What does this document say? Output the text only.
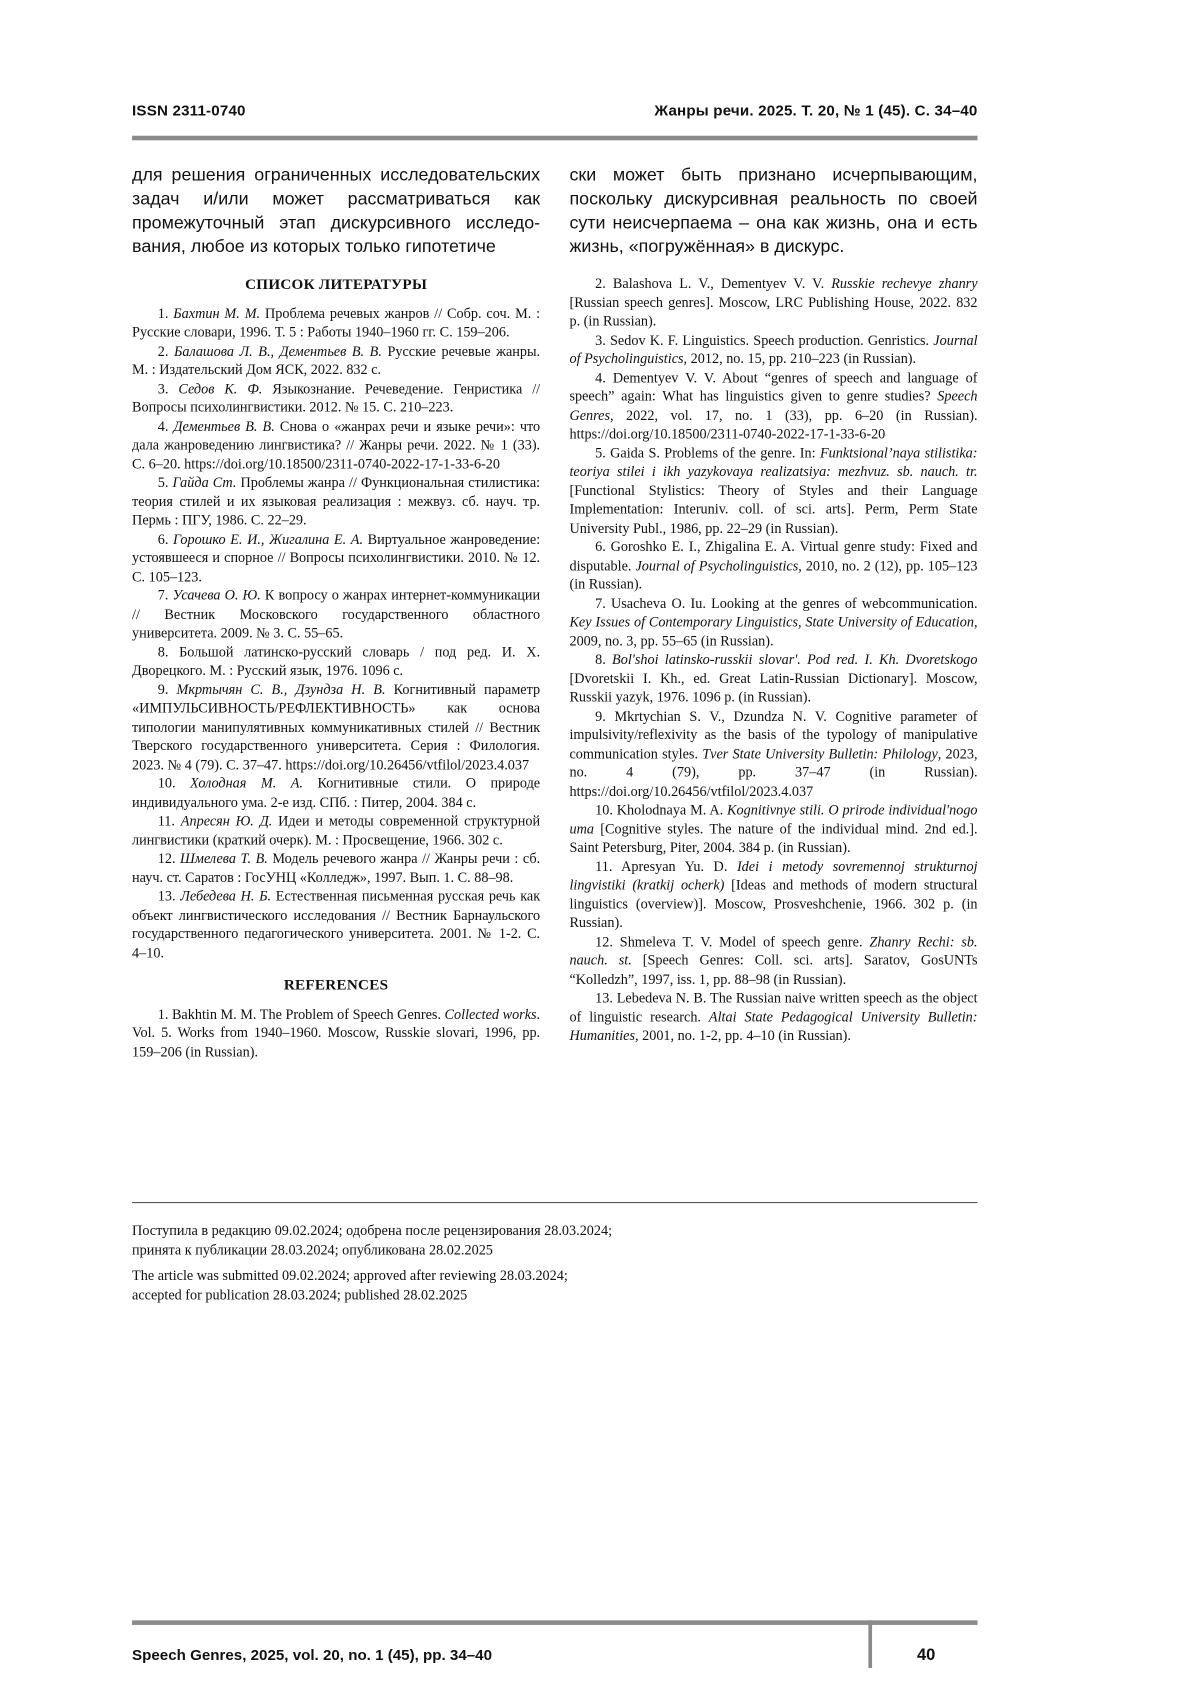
ISSN 2311-0740	Жанры речи. 2025. Т. 20, № 1 (45). С. 34–40

для решения ограниченных исследовательских задач и/или может рассматриваться как промежуточный этап дискурсивного исследования, любое из которых только гипотетиче

ски может быть признано исчерпывающим, поскольку дискурсивная реальность по своей сути неисчерпаема – она как жизнь, она и есть жизнь, «погружённая» в дискурс.

СПИСОК ЛИТЕРАТУРЫ

1. Бахтин М. М. Проблема речевых жанров // Собр. соч. М. : Русские словари, 1996. Т. 5 : Работы 1940–1960 гг. С. 159–206.

2. Балашова Л. В., Дементьев В. В. Русские речевые жанры. М. : Издательский Дом ЯСК, 2022. 832 с.

3. Седов К. Ф. Языкознание. Речеведение. Генристика // Вопросы психолингвистики. 2012. № 15. С. 210–223.

4. Дементьев В. В. Снова о «жанрах речи и языке речи»: что дала жанроведению лингвистика? // Жанры речи. 2022. № 1 (33). С. 6–20. https://doi.org/10.18500/2311-0740-2022-17-1-33-6-20

5. Гайда Ст. Проблемы жанра // Функциональная стилистика: теория стилей и их языковая реализация : межвуз. сб. науч. тр. Пермь : ПГУ, 1986. С. 22–29.

6. Горошко Е. И., Жигалина Е. А. Виртуальное жанроведение: устоявшееся и спорное // Вопросы психолингвистики. 2010. № 12. С. 105–123.

7. Усачева О. Ю. К вопросу о жанрах интернет-коммуникации // Вестник Московского государственного областного университета. 2009. № 3. С. 55–65.

8. Большой латинско-русский словарь / под ред. И. Х. Дворецкого. М. : Русский язык, 1976. 1096 с.

9. Мкртычян С. В., Дзундза Н. В. Когнитивный параметр «ИМПУЛЬСИВНОСТЬ/РЕФЛЕКТИВНОСТЬ» как основа типологии манипулятивных коммуникативных стилей // Вестник Тверского государственного университета. Серия : Филология. 2023. № 4 (79). С. 37–47. https://doi.org/10.26456/vtfilol/2023.4.037

10. Холодная М. А. Когнитивные стили. О природе индивидуального ума. 2-е изд. СПб. : Питер, 2004. 384 с.

11. Апресян Ю. Д. Идеи и методы современной структурной лингвистики (краткий очерк). М. : Просвещение, 1966. 302 с.

12. Шмелева Т. В. Модель речевого жанра // Жанры речи : сб. науч. ст. Саратов : ГосУНЦ «Колледж», 1997. Вып. 1. С. 88–98.

13. Лебедева Н. Б. Естественная письменная русская речь как объект лингвистического исследования // Вестник Барнаульского государственного педагогического университета. 2001. № 1-2. С. 4–10.

REFERENCES

1. Bakhtin M. M. The Problem of Speech Genres. Collected works. Vol. 5. Works from 1940–1960. Moscow, Russkie slovari, 1996, pp. 159–206 (in Russian).

2. Balashova L. V., Dementyev V. V. Russkie rechevye zhanry [Russian speech genres]. Moscow, LRC Publishing House, 2022. 832 p. (in Russian).

3. Sedov K. F. Linguistics. Speech production. Genristics. Journal of Psycholinguistics, 2012, no. 15, pp. 210–223 (in Russian).

4. Dementyev V. V. About “genres of speech and language of speech” again: What has linguistics given to genre studies? Speech Genres, 2022, vol. 17, no. 1 (33), pp. 6–20 (in Russian). https://doi.org/10.18500/2311-0740-2022-17-1-33-6-20

5. Gaida S. Problems of the genre. In: Funktsional’naya stilistika: teoriya stilei i ikh yazykovaya realizatsiya: mezhvuz. sb. nauch. tr. [Functional Stylistics: Theory of Styles and their Language Implementation: Interuniv. coll. of sci. arts]. Perm, Perm State University Publ., 1986, pp. 22–29 (in Russian).

6. Goroshko E. I., Zhigalina E. A. Virtual genre study: Fixed and disputable. Journal of Psycholinguistics, 2010, no. 2 (12), pp. 105–123 (in Russian).

7. Usacheva O. Iu. Looking at the genres of webcommunication. Key Issues of Contemporary Linguistics, State University of Education, 2009, no. 3, pp. 55–65 (in Russian).

8. Bol'shoi latinsko-russkii slovar'. Pod red. I. Kh. Dvoretskogo [Dvoretskii I. Kh., ed. Great Latin-Russian Dictionary]. Moscow, Russkii yazyk, 1976. 1096 p. (in Russian).

9. Mkrtychian S. V., Dzundza N. V. Cognitive parameter of impulsivity/reflexivity as the basis of the typology of manipulative communication styles. Tver State University Bulletin: Philology, 2023, no. 4 (79), pp. 37–47 (in Russian). https://doi.org/10.26456/vtfilol/2023.4.037

10. Kholodnaya M. A. Kognitivnye stili. O prirode individual'nogo uma [Cognitive styles. The nature of the individual mind. 2nd ed.]. Saint Petersburg, Piter, 2004. 384 p. (in Russian).

11. Apresyan Yu. D. Idei i metody sovremennoj strukturnoj lingvistiki (kratkij ocherk) [Ideas and methods of modern structural linguistics (overview)]. Moscow, Prosveshchenie, 1966. 302 p. (in Russian).

12. Shmeleva T. V. Model of speech genre. Zhanry Rechi: sb. nauch. st. [Speech Genres: Coll. sci. arts]. Saratov, GosUNTs “Kolledzh”, 1997, iss. 1, pp. 88–98 (in Russian).

13. Lebedeva N. B. The Russian naive written speech as the object of linguistic research. Altai State Pedagogical University Bulletin: Humanities, 2001, no. 1-2, pp. 4–10 (in Russian).

Поступила в редакцию 09.02.2024; одобрена после рецензирования 28.03.2024;
принята к публикации 28.03.2024; опубликована 28.02.2025

The article was submitted 09.02.2024; approved after reviewing 28.03.2024;
accepted for publication 28.03.2024; published 28.02.2025

Speech Genres, 2025, vol. 20, no. 1 (45), pp. 34–40	40
